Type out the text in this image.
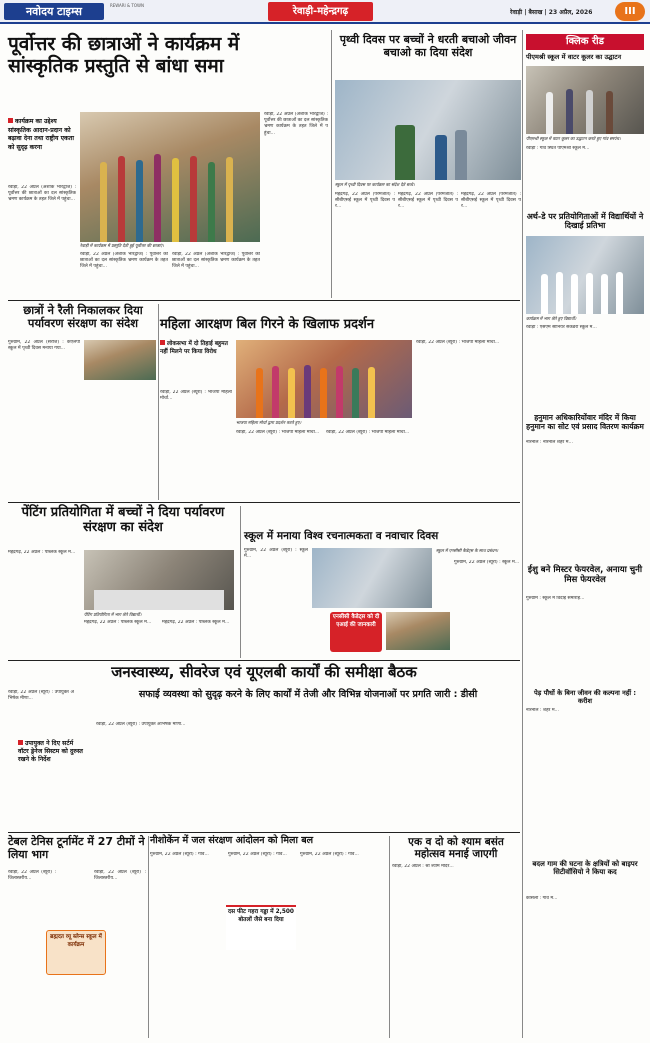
नवोदय टाइम्स	REWARI & TOWN
रेवाड़ी-महेन्द्रगढ़	रेवाड़ी | बैसाख | 23 अप्रैल, 2026	III
पूर्वोत्तर की छात्राओं ने कार्यक्रम में सांस्कृतिक प्रस्तुति से बांधा समा
कार्यक्रम का उद्देश्य सांस्कृतिक आदान-प्रदान को बढ़ावा देना तथा राष्ट्रीय एकता को सुदृढ़ करना
रेवाड़ी, 22 अप्रैल (अशोक भारद्वाज) : पूर्वोत्तर की छात्राओं का दल सांस्कृतिक भ्रमण कार्यक्रम के तहत जिले में पहुंचा...
रेवाड़ी में कार्यक्रम में प्रस्तुति देती हुई पूर्वोत्तर की छात्राएं।
रेवाड़ी, 22 अप्रैल (अशोक भारद्वाज) : पूर्वोत्तर की छात्राओं का दल सांस्कृतिक भ्रमण कार्यक्रम के तहत जिले में पहुंचा...
रेवाड़ी, 22 अप्रैल (अशोक भारद्वाज) : पूर्वोत्तर की छात्राओं का दल सांस्कृतिक भ्रमण कार्यक्रम के तहत जिले में पहुंचा...
रेवाड़ी, 22 अप्रैल (अशोक भारद्वाज) : पूर्वोत्तर की छात्राओं का दल सांस्कृतिक भ्रमण कार्यक्रम के तहत जिले में पहुंचा...
पृथ्वी दिवस पर बच्चों ने धरती बचाओ जीवन बचाओ का दिया संदेश
स्कूल में पृथ्वी दिवस पर कार्यक्रम का संदेश देते बच्चे।
महेंद्रगढ़, 22 अप्रैल (परमजीत) : सीबीएसई स्कूल में पृथ्वी दिवस पर...
महेंद्रगढ़, 22 अप्रैल (परमजीत) : सीबीएसई स्कूल में पृथ्वी दिवस पर...
महेंद्रगढ़, 22 अप्रैल (परमजीत) : सीबीएसई स्कूल में पृथ्वी दिवस पर...
क्लिक रीड
पीएमश्री स्कूल में वाटर कूलर का उद्घाटन
पीएमश्री स्कूल में वाटर कूलर का उद्घाटन करते हुए गांव सरपंच।
रेवाड़ी : गांव स्थित पीएमश्री स्कूल में...
अर्थ-डे पर प्रतियोगिताओं में विद्यार्थियों ने दिखाई प्रतिभा
कार्यक्रम में भाग लेते हुए विद्यार्थी।
रेवाड़ी : एसएम सीनियर सेकेंडरी स्कूल में...
छात्रों ने रैली निकालकर दिया पर्यावरण संरक्षण का संदेश
गुरुग्राम, 22 अप्रैल (सरोज) : केएलपी स्कूल में पृथ्वी दिवस मनाया गया...
महिला आरक्षण बिल गिरने के खिलाफ प्रदर्शन
लोकसभा में दो तिहाई बहुमत नहीं मिलने पर किया विरोध
रेवाड़ी, 22 अप्रैल (ब्यूरो) : भाजपा महिला मोर्चा...
भाजपा महिला मोर्चा द्वारा प्रदर्शन करते हुए।
रेवाड़ी, 22 अप्रैल (ब्यूरो) : भाजपा महिला मोर्चा...	रेवाड़ी, 22 अप्रैल (ब्यूरो) : भाजपा महिला मोर्चा...
रेवाड़ी, 22 अप्रैल (ब्यूरो) : भाजपा महिला मोर्चा...
हनुमान अधिकारियोंवार मंदिर में किया हनुमान का सोट एवं प्रसाद वितरण कार्यक्रम
नारनौल : नारनौल शहर में...
पेंटिंग प्रतियोगिता में बच्चों ने दिया पर्यावरण संरक्षण का संदेश
महेंद्रगढ़, 22 अप्रैल : पब्लिक स्कूल में...
पेंटिंग प्रतियोगिता में भाग लेते विद्यार्थी।
महेंद्रगढ़, 22 अप्रैल : पब्लिक स्कूल में...	महेंद्रगढ़, 22 अप्रैल : पब्लिक स्कूल में...
स्कूल में मनाया विश्व रचनात्मकता व नवाचार दिवस
गुरुग्राम, 22 अप्रैल (ब्यूरो) : स्कूल में...
एनसीसी कैडेट्स को दी एआई की जानकारी
स्कूल में एनसीसी कैडेट्स के साथ प्रबंधन।
गुरुग्राम, 22 अप्रैल (ब्यूरो) : स्कूल में...
ईशु बने मिस्टर फेयरवेल, अनाया चुनी मिस फेयरवेल
गुरुग्राम : स्कूल में विदाई समारोह...
पेड़ पौधों के बिना जीवन की कल्पना नहीं : करीश
नारनौल : शहर में...
जनस्वास्थ्य, सीवरेज एवं यूएलबी कार्यों की समीक्षा बैठक
रेवाड़ी, 22 अप्रैल (ब्यूरो) : उपायुक्त अभिषेक मीणा...
उपायुक्त ने दिए सर्टर्म वॉटर ड्रेनेज सिस्टम को दुरुस्त रखने के निर्देश
सफाई व्यवस्था को सुदृढ़ करने के लिए कार्यों में तेजी और विभिन्न योजनाओं पर प्रगति जारी : डीसी
रेवाड़ी, 22 अप्रैल (ब्यूरो) : उपायुक्त अभिषेक मीणा...
टेबल टेनिस टूर्नामेंट में 27 टीमों ने लिया भाग
रेवाड़ी, 22 अप्रैल (ब्यूरो) : जिलास्तरीय...
रेवाड़ी, 22 अप्रैल (ब्यूरो) : जिलास्तरीय...
ब्रह्मदत व्यू ब्लेन्स स्कूल में कार्यक्रम
नीशोकेंन में जल संरक्षण आंदोलन को मिला बल
गुरुग्राम, 22 अप्रैल (ब्यूरो) : गांव...
दस फीट गहरा गड्ढा में 2,500 बोतलों जैसे बना दिया
गुरुग्राम, 22 अप्रैल (ब्यूरो) : गांव...	गुरुग्राम, 22 अप्रैल (ब्यूरो) : गांव...
एक व दो को श्याम बसंत महोत्सव मनाई जाएगी
रेवाड़ी, 22 अप्रैल : श्री श्याम मंदिर...	बदल गाम की घटना के क्षत्रियों को बाइपर सिटीवॉसियो ने किया कद
कोसली : गांव में...
